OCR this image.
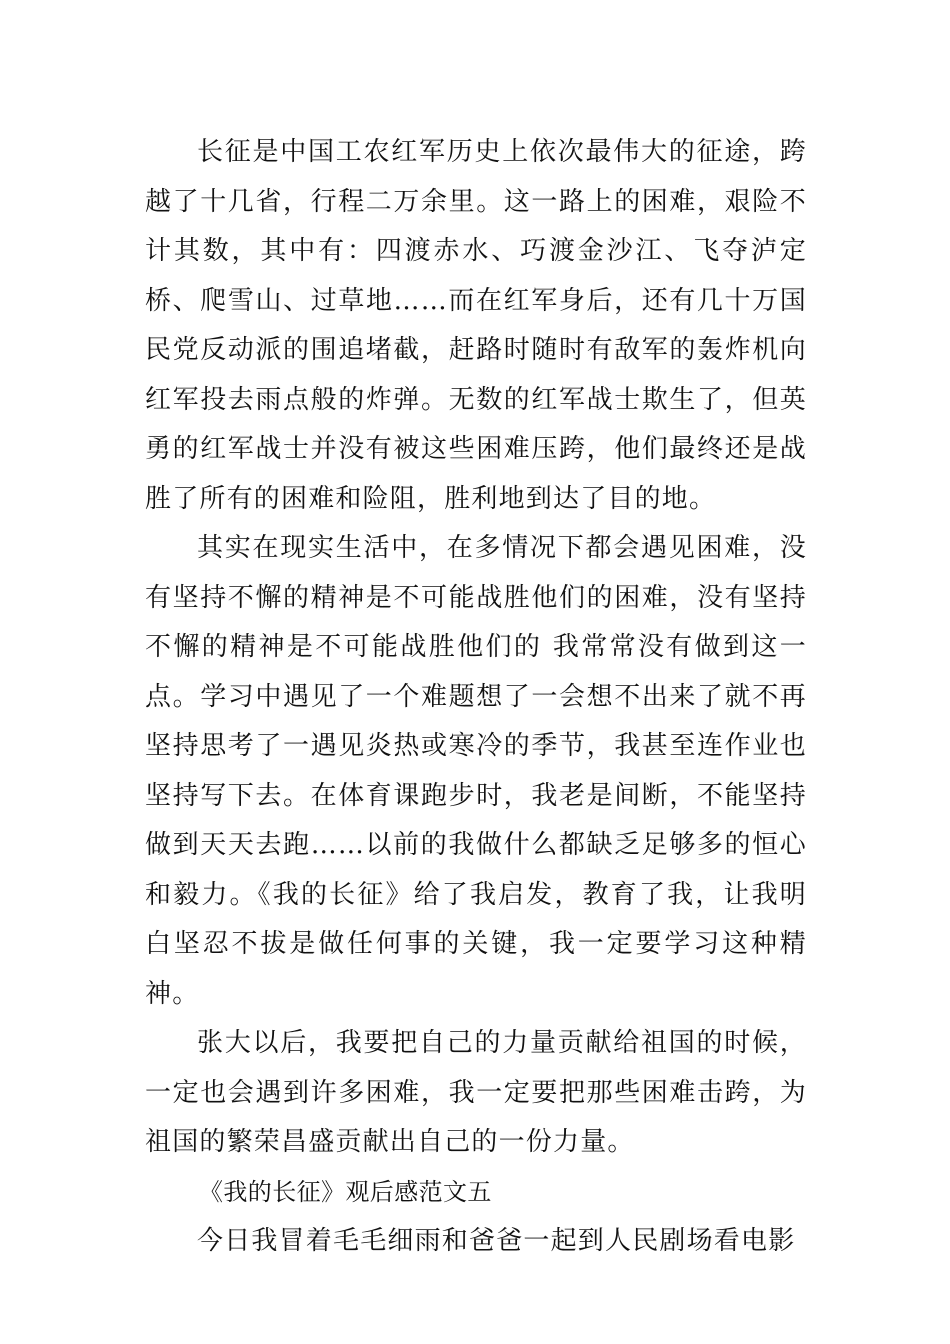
长征是中国工农红军历史上依次最伟大的征途，跨越了十几省，行程二万余里。这一路上的困难，艰险不计其数，其中有：四渡赤水、巧渡金沙江、飞夺泸定桥、爬雪山、过草地……而在红军身后，还有几十万国民党反动派的围追堵截，赶路时随时有敌军的轰炸机向红军投去雨点般的炸弹。无数的红军战士欺生了，但英勇的红军战士并没有被这些困难压跨，他们最终还是战胜了所有的困难和险阻，胜利地到达了目的地。

其实在现实生活中，在多情况下都会遇见困难，没有坚持不懈的精神是不可能战胜他们的困难，没有坚持不懈的精神是不可能战胜他们的 我常常没有做到这一点。学习中遇见了一个难题想了一会想不出来了就不再坚持思考了一遇见炎热或寒冷的季节，我甚至连作业也坚持写下去。在体育课跑步时，我老是间断，不能坚持做到天天去跑……以前的我做什么都缺乏足够多的恒心和毅力。《我的长征》给了我启发，教育了我，让我明白坚忍不拔是做任何事的关键，我一定要学习这种精神。

张大以后，我要把自己的力量贡献给祖国的时候，一定也会遇到许多困难，我一定要把那些困难击跨，为祖国的繁荣昌盛贡献出自己的一份力量。

《我的长征》观后感范文五

今日我冒着毛毛细雨和爸爸一起到人民剧场看电影
